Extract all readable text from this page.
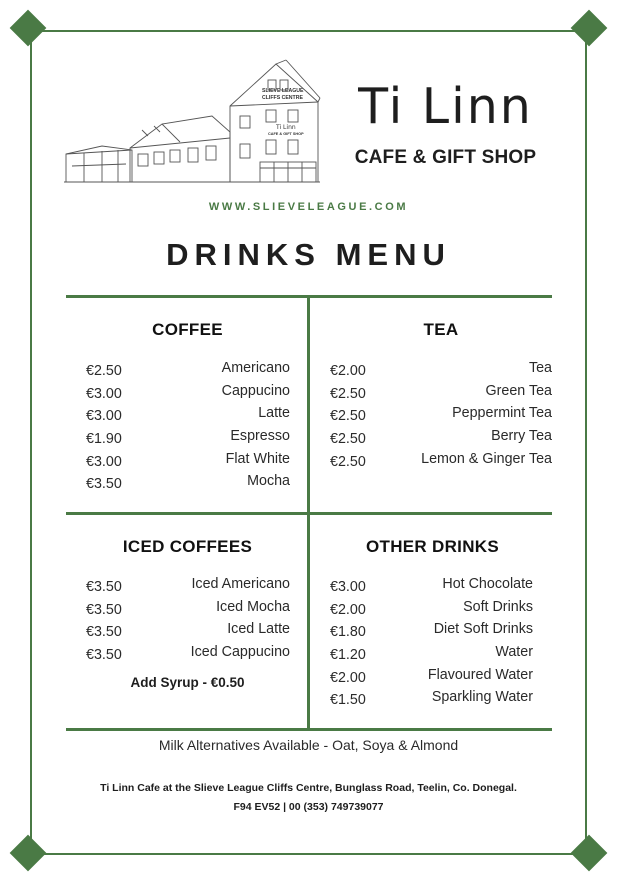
SLIEVE LEAGUE
CLIFFS CENTRE
Ti Linn
CAFE & GIFT SHOP	Ti Linn
CAFE & GIFT SHOP
WWW.SLIEVELEAGUE.COM
DRINKS MENU
COFFEE
€2.50	Americano
€3.00	Cappucino
€3.00	Latte
€1.90	Espresso
€3.00	Flat White
€3.50	Mocha
TEA
€2.00	Tea
€2.50	Green Tea
€2.50	Peppermint Tea
€2.50	Berry Tea
€2.50	Lemon & Ginger Tea
ICED COFFEES
€3.50	Iced Americano
€3.50	Iced Mocha
€3.50	Iced Latte
€3.50	Iced Cappucino
Add Syrup - €0.50
OTHER DRINKS
€3.00	Hot Chocolate
€2.00	Soft Drinks
€1.80	Diet Soft Drinks
€1.20	Water
€2.00	Flavoured Water
€1.50	Sparkling Water
Milk Alternatives Available - Oat, Soya & Almond
Ti Linn Cafe at the Slieve League Cliffs Centre, Bunglass Road, Teelin, Co. Donegal.
F94 EV52 | 00 (353) 749739077
